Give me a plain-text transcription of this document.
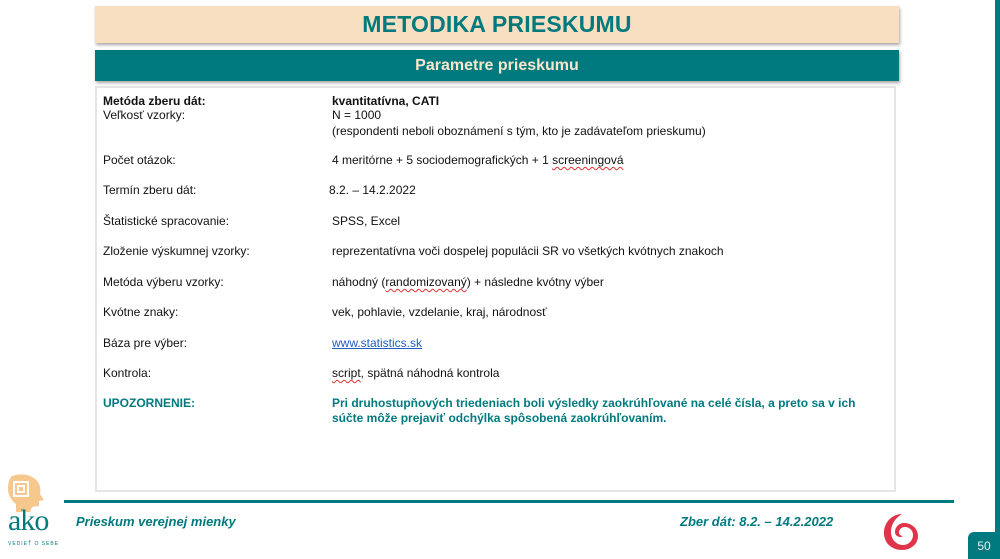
METODIKA PRIESKUMU
Parametre prieskumu
Metóda zberu dát:	kvantitatívna, CATI
Veľkosť vzorky:	N = 1000
(respondenti neboli oboznámení s tým, kto je zadávateľom prieskumu)
Počet otázok:	4 meritórne + 5 sociodemografických + 1 screeningová
Termín zberu dát:	8.2. – 14.2.2022
Štatistické spracovanie:	SPSS, Excel
Zloženie výskumnej vzorky:	reprezentatívna voči dospelej populácii SR vo všetkých kvótnych znakoch
Metóda výberu vzorky:	náhodný (randomizovaný) + následne kvótny výber
Kvótne znaky:	vek, pohlavie, vzdelanie, kraj, národnosť
Báza pre výber:	www.statistics.sk
Kontrola:	script, spätná náhodná kontrola
UPOZORNENIE:	Pri druhostupňových triedeniach boli výsledky zaokrúhľované na celé čísla, a preto sa v ich súčte môže prejaviť odchýlka spôsobená zaokrúhľovaním.
ako
VEDIEŤ O SEBE
Prieskum verejnej mienky	Zber dát: 8.2. – 14.2.2022
50
